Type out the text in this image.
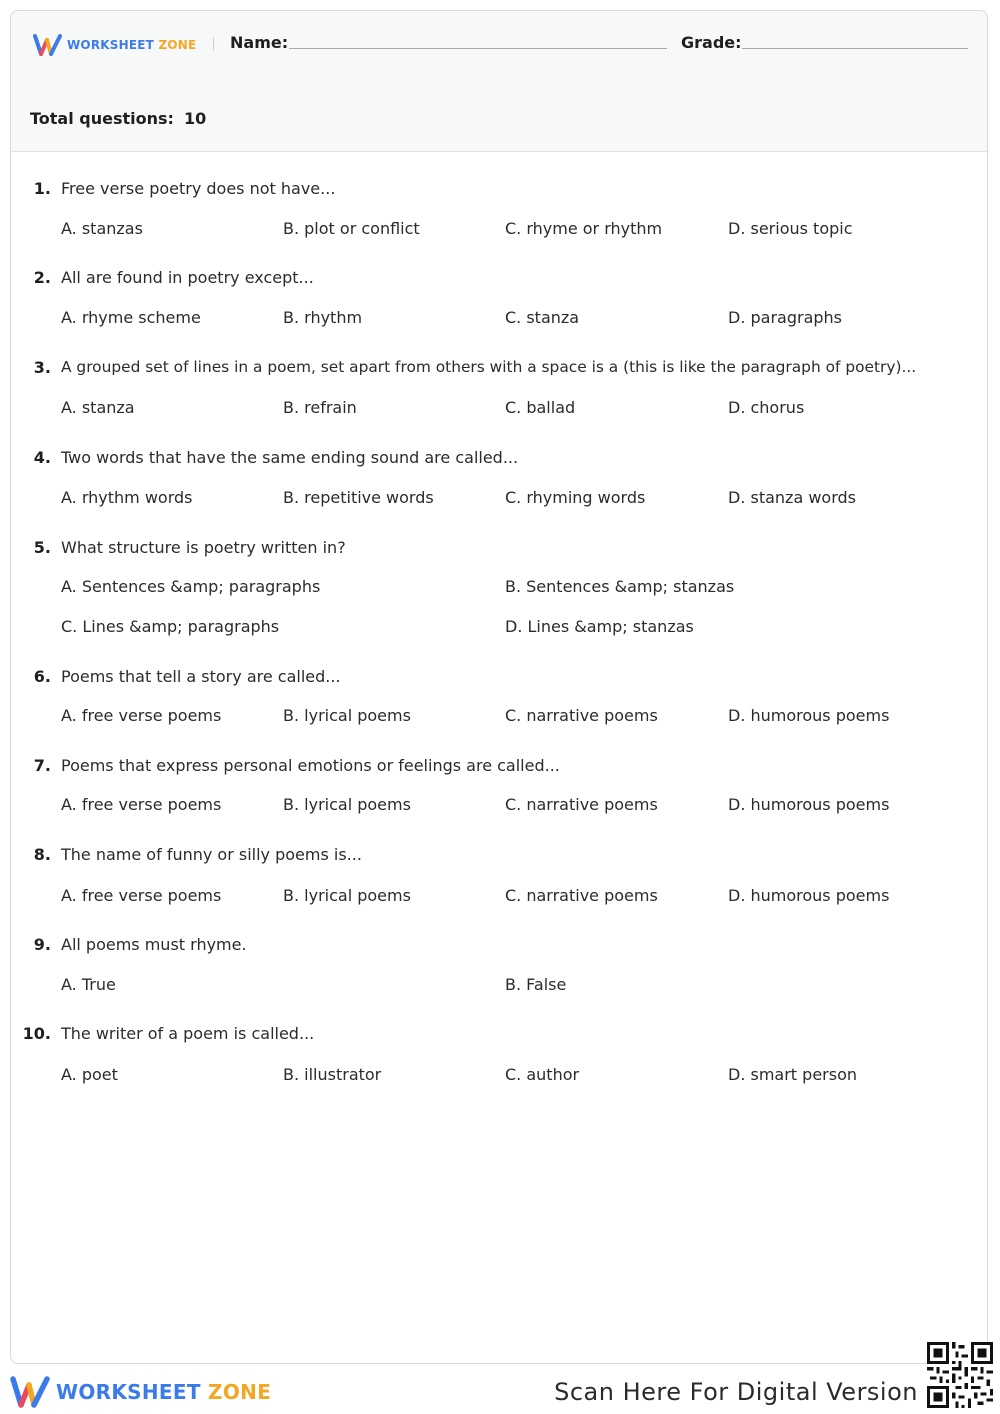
WORKSHEET ZONE Name:	Grade:
Total questions: 10
1. Free verse poetry does not have...
A. stanzas	B. plot or conflict	C. rhyme or rhythm	D. serious topic
2. All are found in poetry except...
A. rhyme scheme	B. rhythm	C. stanza	D. paragraphs
3. A grouped set of lines in a poem, set apart from others with a space is a (this is like the paragraph of poetry)...
A. stanza	B. refrain	C. ballad	D. chorus
4. Two words that have the same ending sound are called...
A. rhythm words	B. repetitive words	C. rhyming words	D. stanza words
5. What structure is poetry written in?
A. Sentences &amp; paragraphs	B. Sentences &amp; stanzas
C. Lines &amp; paragraphs	D. Lines &amp; stanzas
6. Poems that tell a story are called...
A. free verse poems	B. lyrical poems	C. narrative poems	D. humorous poems
7. Poems that express personal emotions or feelings are called...
A. free verse poems	B. lyrical poems	C. narrative poems	D. humorous poems
8. The name of funny or silly poems is...
A. free verse poems	B. lyrical poems	C. narrative poems	D. humorous poems
9. All poems must rhyme.
A. True	B. False
10. The writer of a poem is called...
A. poet	B. illustrator	C. author	D. smart person
WORKSHEET ZONE	Scan Here For Digital Version
